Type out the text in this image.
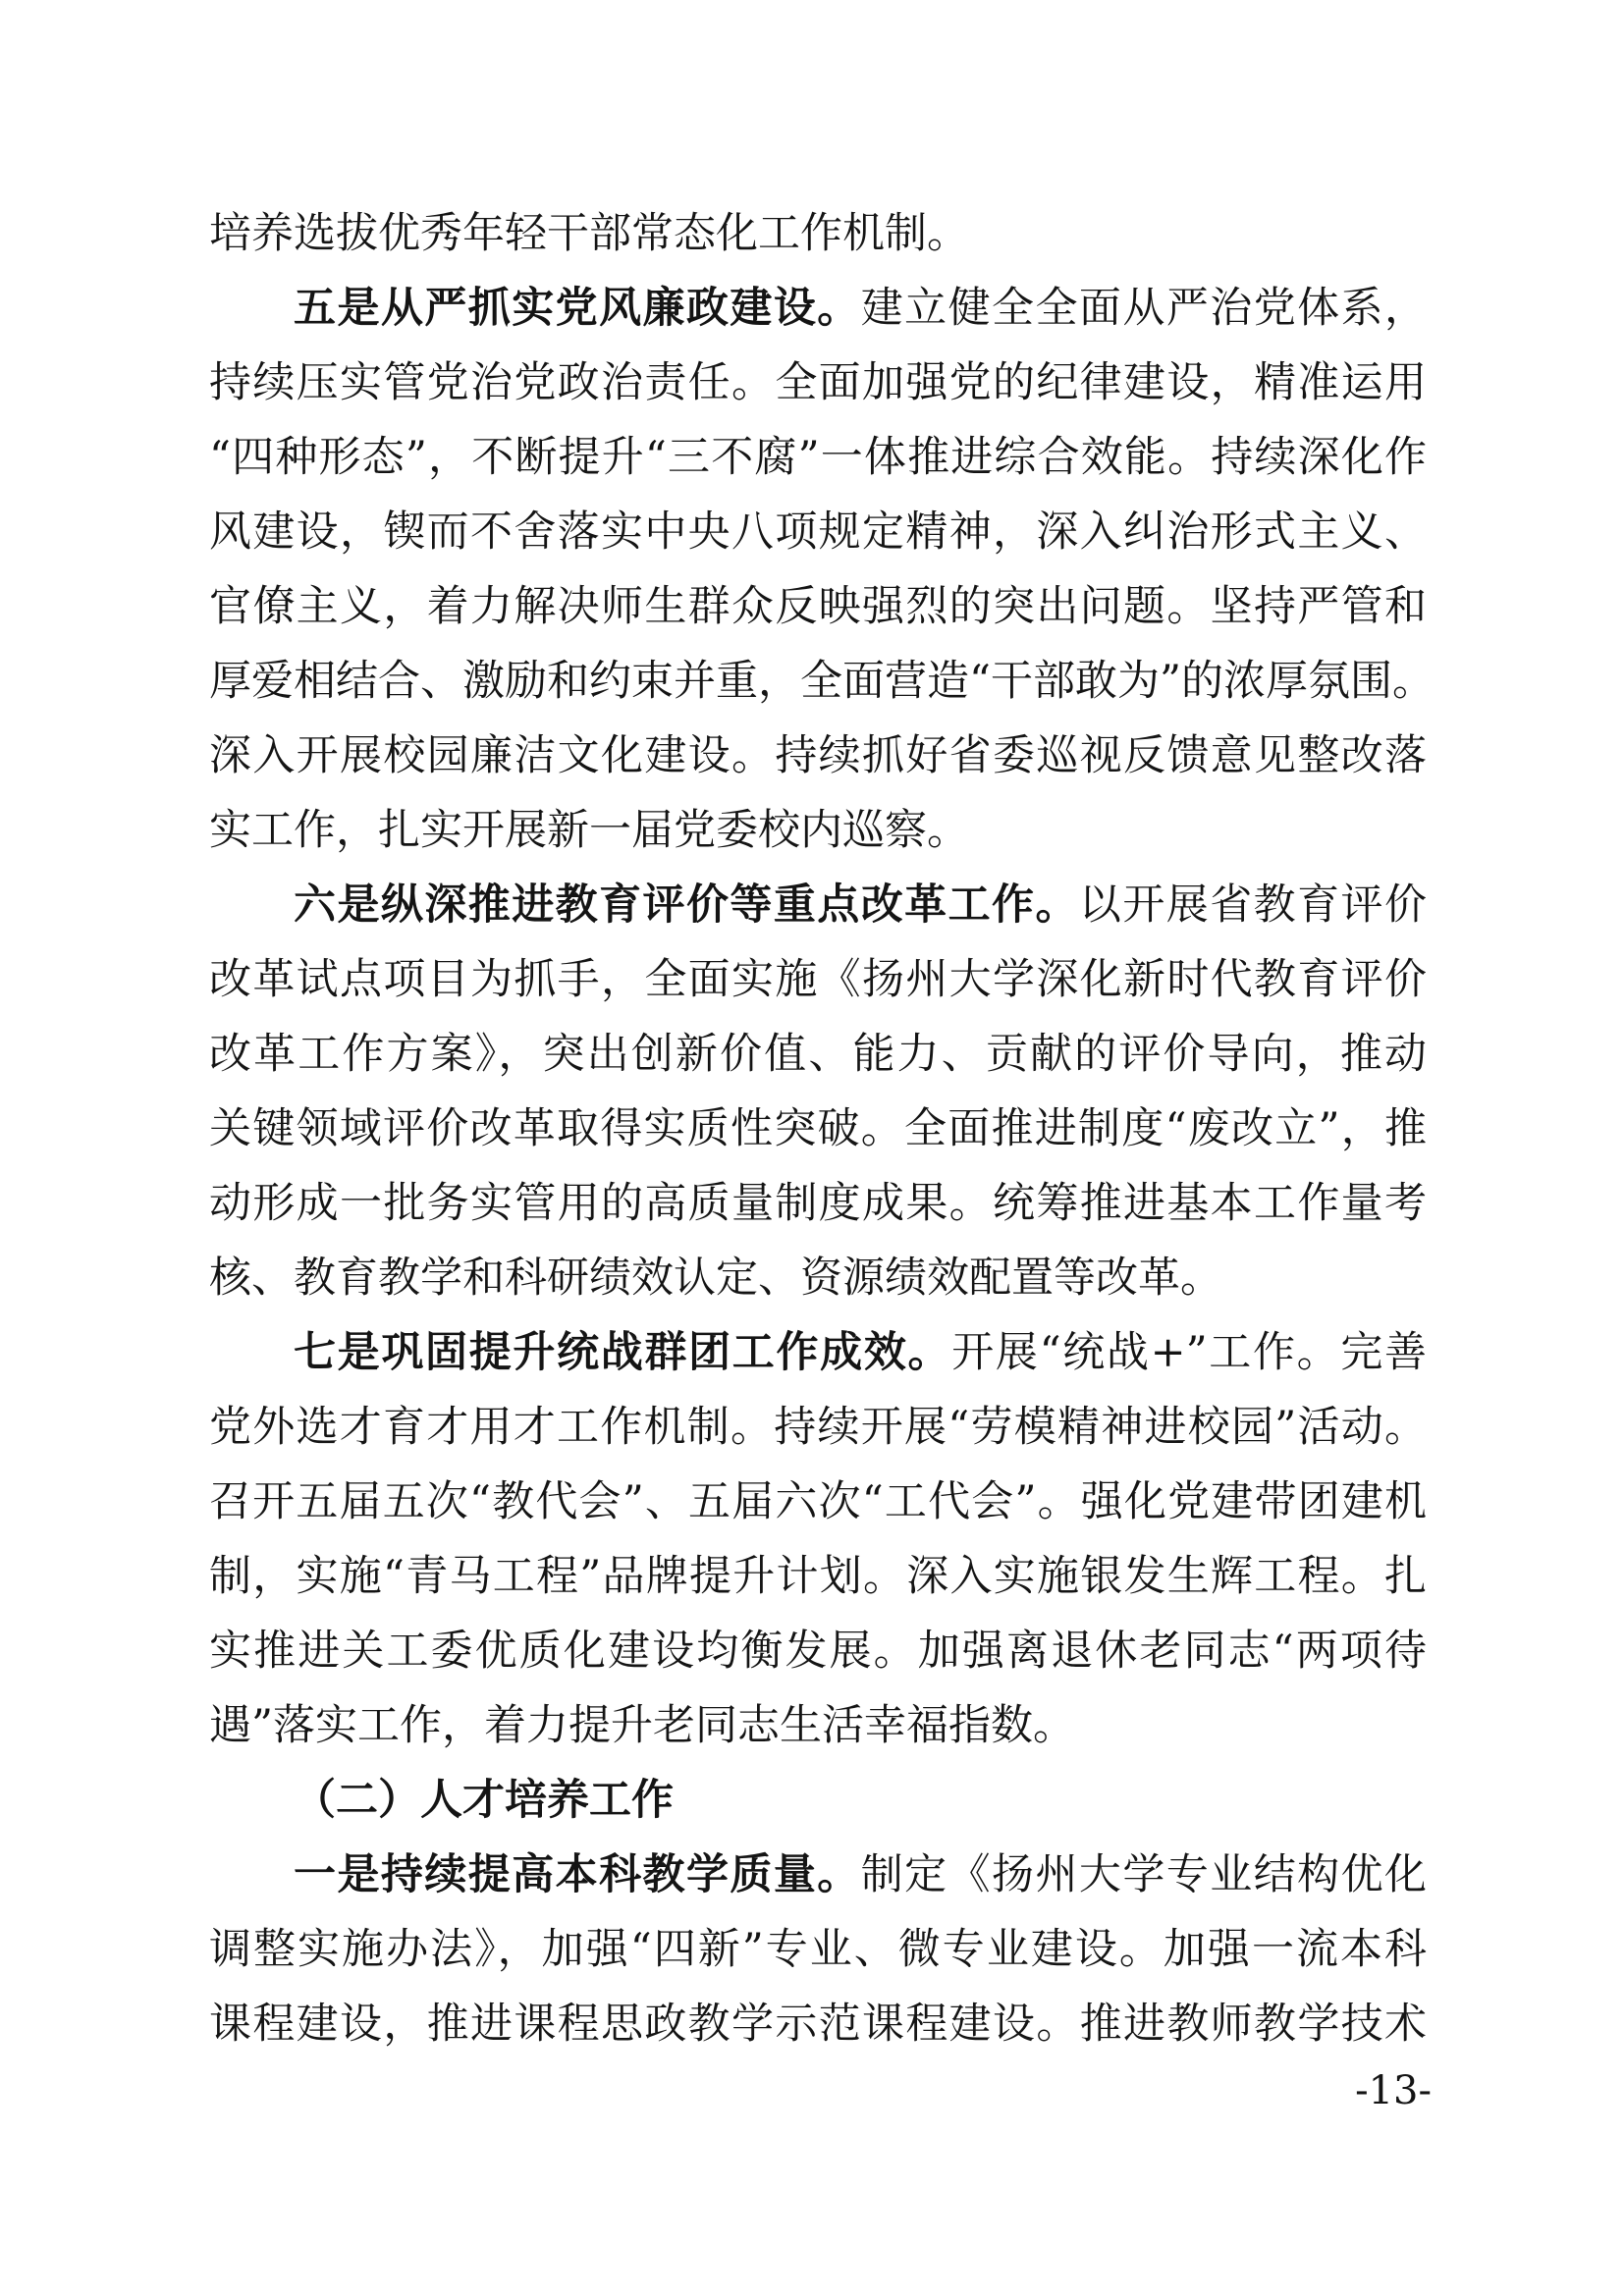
培养选拔优秀年轻干部常态化工作机制。
五是从严抓实党风廉政建设。建立健全全面从严治党体系，
持续压实管党治党政治责任。全面加强党的纪律建设，精准运用
“四种形态”，不断提升“三不腐”一体推进综合效能。持续深化作
风建设，锲而不舍落实中央八项规定精神，深入纠治形式主义、
官僚主义，着力解决师生群众反映强烈的突出问题。坚持严管和
厚爱相结合、激励和约束并重，全面营造“干部敢为”的浓厚氛围。
深入开展校园廉洁文化建设。持续抓好省委巡视反馈意见整改落
实工作，扎实开展新一届党委校内巡察。
六是纵深推进教育评价等重点改革工作。以开展省教育评价
改革试点项目为抓手，全面实施《扬州大学深化新时代教育评价
改革工作方案》，突出创新价值、能力、贡献的评价导向，推动
关键领域评价改革取得实质性突破。全面推进制度“废改立”，推
动形成一批务实管用的高质量制度成果。统筹推进基本工作量考
核、教育教学和科研绩效认定、资源绩效配置等改革。
七是巩固提升统战群团工作成效。开展“统战+”工作。完善
党外选才育才用才工作机制。持续开展“劳模精神进校园”活动。
召开五届五次“教代会”、五届六次“工代会”。强化党建带团建机
制，实施“青马工程”品牌提升计划。深入实施银发生辉工程。扎
实推进关工委优质化建设均衡发展。加强离退休老同志“两项待
遇”落实工作，着力提升老同志生活幸福指数。
（二）人才培养工作
一是持续提高本科教学质量。制定《扬州大学专业结构优化
调整实施办法》，加强“四新”专业、微专业建设。加强一流本科
课程建设，推进课程思政教学示范课程建设。推进教师教学技术
-13-
